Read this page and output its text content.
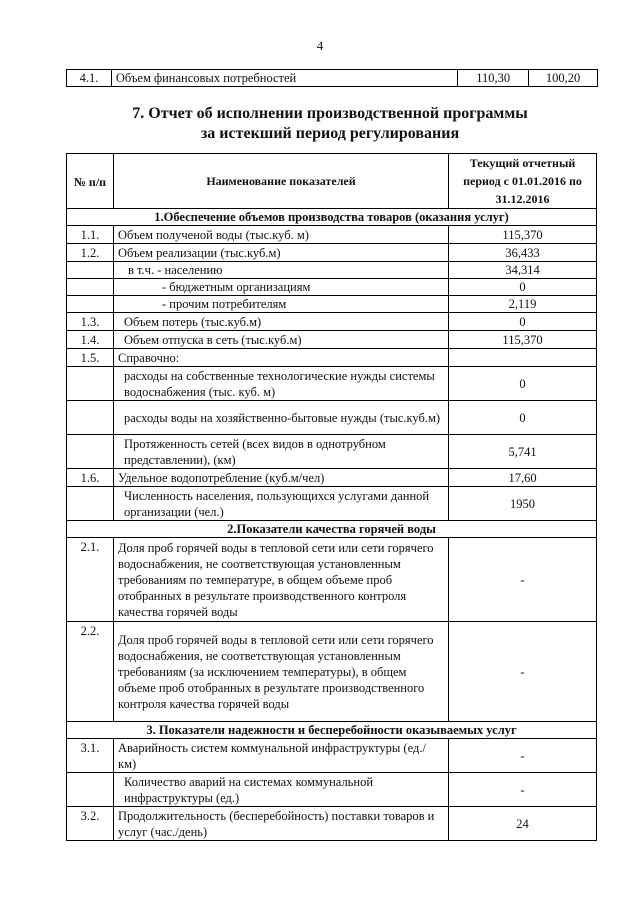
4
4.1.	Объем финансовых потребностей	110,30	100,20
7. Отчет об исполнении производственной программы
за истекший период регулирования
№ п/п	Наименование показателей	Текущий отчетный период с 01.01.2016 по 31.12.2016
1.Обеспечение объемов производства товаров (оказания услуг)		
1.1.	Объем полученой воды (тыс.куб. м)	115,370
1.2.	Объем реализации (тыс.куб.м)	36,433
	в т.ч. - населению	34,314
	- бюджетным организациям	0
	- прочим потребителям	2,119
1.3.	Объем потерь (тыс.куб.м)	0
1.4.	Объем отпуска в сеть (тыс.куб.м)	115,370
1.5.	Справочно:	
	расходы на собственные технологические нужды системы водоснабжения (тыс. куб. м)	0
	расходы воды на хозяйственно-бытовые нужды (тыс.куб.м)	0
	Протяженность сетей (всех видов в однотрубном представлении), (км)	5,741
1.6.	Удельное водопотребление (куб.м/чел)	17,60
	Численность населения, пользующихся услугами данной организации (чел.)	1950
2.Показатели качества горячей воды		
2.1.	Доля проб горячей воды в тепловой сети или сети горячего водоснабжения, не соответствующая установленным требованиям по температуре, в общем объеме проб отобранных в результате производственного контроля качества горячей воды	-
2.2.	Доля проб горячей воды в тепловой сети или сети горячего водоснабжения, не соответствующая установленным требованиям (за исключением температуры), в общем объеме проб отобранных в результате производственного контроля качества горячей воды	-
3. Показатели надежности и бесперебойности оказываемых услуг		
3.1.	Аварийность систем коммунальной инфраструктуры (ед./км)	-
	Количество аварий на системах коммунальной инфраструктуры (ед.)	-
3.2.	Продолжительность (бесперебойность) поставки товаров и услуг (час./день)	24
